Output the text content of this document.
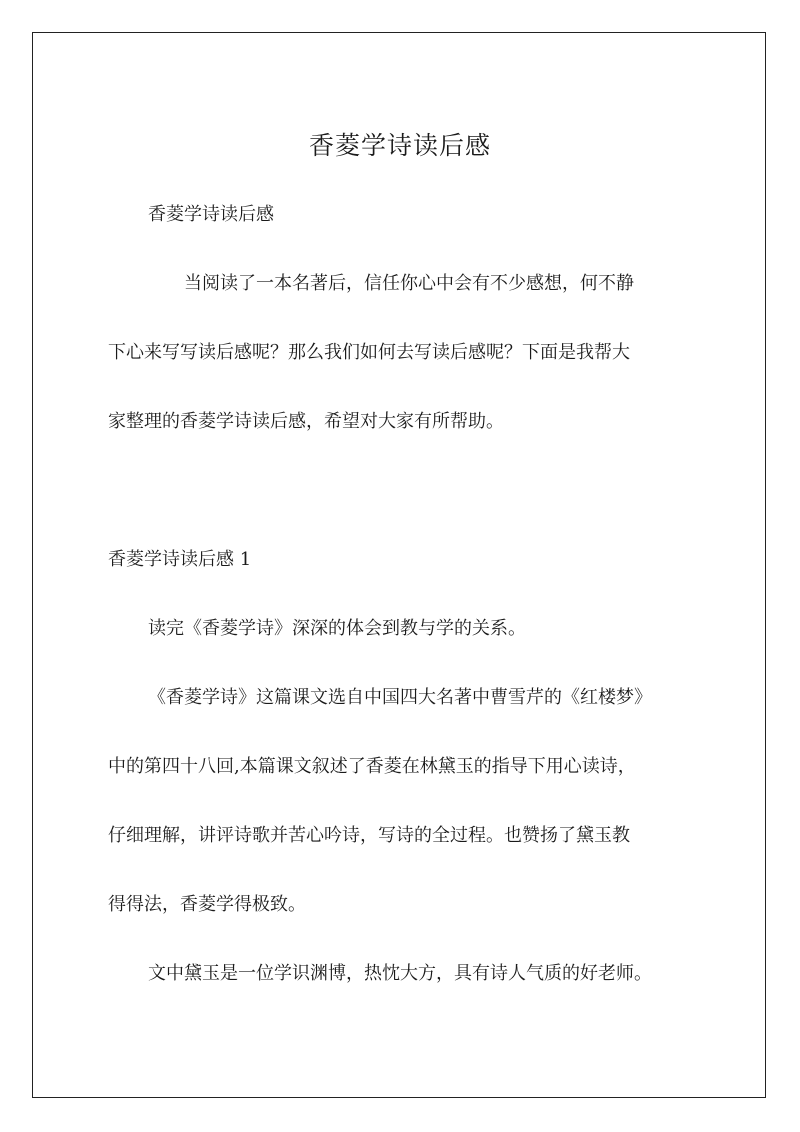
香菱学诗读后感
香菱学诗读后感
当阅读了一本名著后，信任你心中会有不少感想，何不静
下心来写写读后感呢？那么我们如何去写读后感呢？下面是我帮大
家整理的香菱学诗读后感，希望对大家有所帮助。
香菱学诗读后感 1
读完《香菱学诗》深深的体会到教与学的关系。
《香菱学诗》这篇课文选自中国四大名著中曹雪芹的《红楼梦》
中的第四十八回,本篇课文叙述了香菱在林黛玉的指导下用心读诗，
仔细理解，讲评诗歌并苦心吟诗，写诗的全过程。也赞扬了黛玉教
得得法，香菱学得极致。
文中黛玉是一位学识渊博，热忱大方，具有诗人气质的好老师。
